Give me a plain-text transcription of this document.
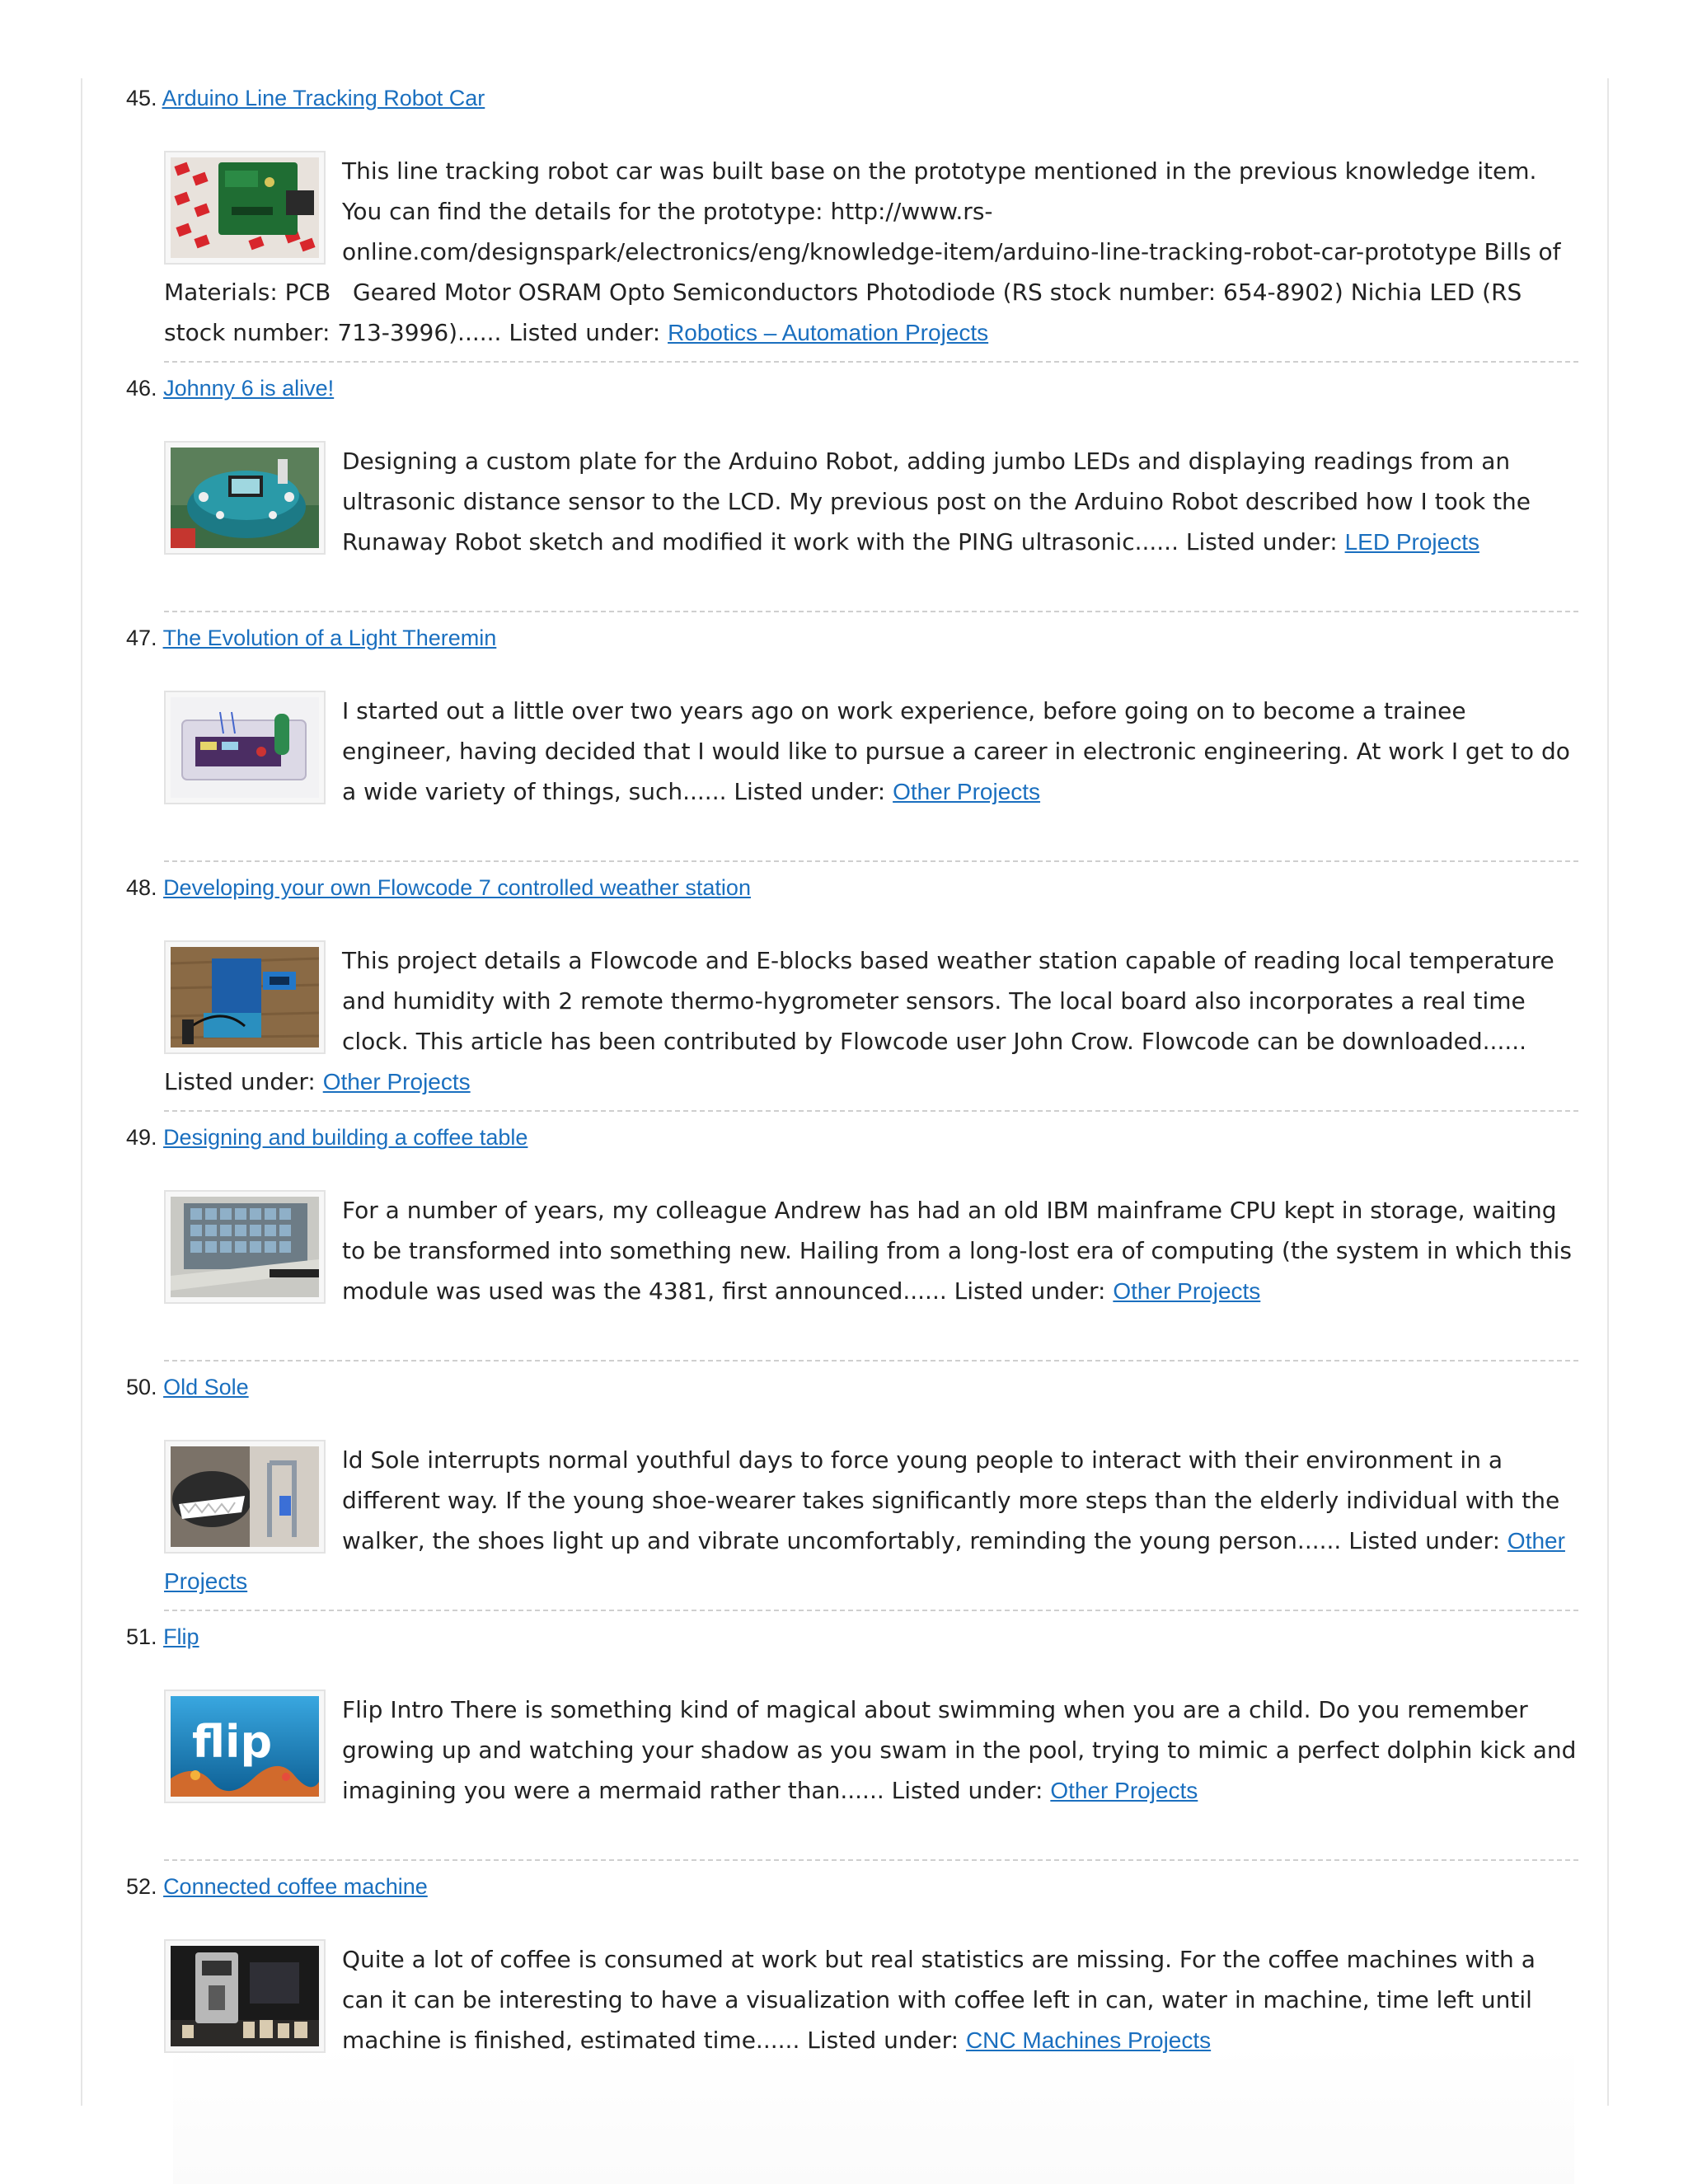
45. Arduino Line Tracking Robot Car
This line tracking robot car was built base on the prototype mentioned in the previous knowledge item. You can find the details for the prototype: http://www.rs-online.com/designspark/electronics/eng/knowledge-item/arduino-line-tracking-robot-car-prototype Bills of Materials: PCB   Geared Motor OSRAM Opto Semiconductors Photodiode (RS stock number: 654-8902) Nichia LED (RS stock number: 713-3996)...... Listed under: Robotics – Automation Projects
46. Johnny 6 is alive!
Designing a custom plate for the Arduino Robot, adding jumbo LEDs and displaying readings from an ultrasonic distance sensor to the LCD. My previous post on the Arduino Robot described how I took the Runaway Robot sketch and modified it work with the PING ultrasonic...... Listed under: LED Projects
47. The Evolution of a Light Theremin
I started out a little over two years ago on work experience, before going on to become a trainee engineer, having decided that I would like to pursue a career in electronic engineering. At work I get to do a wide variety of things, such...... Listed under: Other Projects
48. Developing your own Flowcode 7 controlled weather station
This project details a Flowcode and E-blocks based weather station capable of reading local temperature and humidity with 2 remote thermo-hygrometer sensors. The local board also incorporates a real time clock. This article has been contributed by Flowcode user John Crow. Flowcode can be downloaded...... Listed under: Other Projects
49. Designing and building a coffee table
For a number of years, my colleague Andrew has had an old IBM mainframe CPU kept in storage, waiting to be transformed into something new. Hailing from a long-lost era of computing (the system in which this module was used was the 4381, first announced...... Listed under: Other Projects
50. Old Sole
ld Sole interrupts normal youthful days to force young people to interact with their environment in a different way. If the young shoe-wearer takes significantly more steps than the elderly individual with the walker, the shoes light up and vibrate uncomfortably, reminding the young person...... Listed under: Other Projects
51. Flip
flip
Flip Intro There is something kind of magical about swimming when you are a child. Do you remember growing up and watching your shadow as you swam in the pool, trying to mimic a perfect dolphin kick and imagining you were a mermaid rather than...... Listed under: Other Projects
52. Connected coffee machine
Quite a lot of coffee is consumed at work but real statistics are missing. For the coffee machines with a can it can be interesting to have a visualization with coffee left in can, water in machine, time left until machine is finished, estimated time...... Listed under: CNC Machines Projects
